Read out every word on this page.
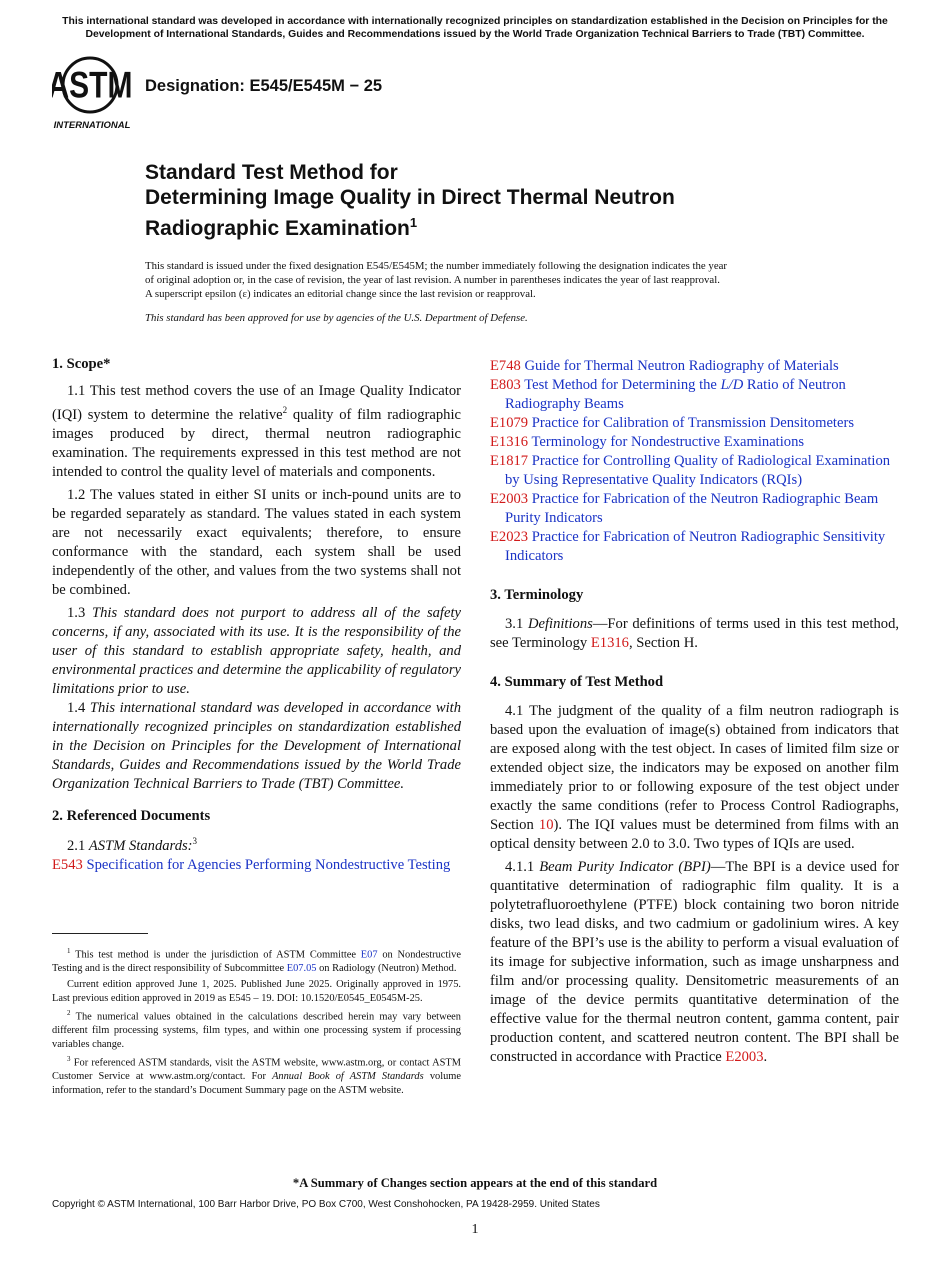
This international standard was developed in accordance with internationally recognized principles on standardization established in the Decision on Principles for the
Development of International Standards, Guides and Recommendations issued by the World Trade Organization Technical Barriers to Trade (TBT) Committee.
ASTM
INTERNATIONAL
Designation: E545/E545M − 25
Standard Test Method for
Determining Image Quality in Direct Thermal Neutron
Radiographic Examination$^1$
This standard is issued under the fixed designation E545/E545M; the number immediately following the designation indicates the year
of original adoption or, in the case of revision, the year of last revision. A number in parentheses indicates the year of last reapproval.
A superscript epsilon (ε) indicates an editorial change since the last revision or reapproval.
This standard has been approved for use by agencies of the U.S. Department of Defense.

1. Scope*

1.1 This test method covers the use of an Image Quality Indicator (IQI) system to determine the relative$^2$ quality of film radiographic images produced by direct, thermal neutron radiographic examination. The requirements expressed in this test method are not intended to control the quality level of materials and components.

1.2 The values stated in either SI units or inch-pound units are to be regarded separately as standard. The values stated in each system are not necessarily exact equivalents; therefore, to ensure conformance with the standard, each system shall be used independently of the other, and values from the two systems shall not be combined.

1.3 This standard does not purport to address all of the safety concerns, if any, associated with its use. It is the responsibility of the user of this standard to establish appropriate safety, health, and environmental practices and determine the applicability of regulatory limitations prior to use.

1.4 This international standard was developed in accordance with internationally recognized principles on standardization established in the Decision on Principles for the Development of International Standards, Guides and Recommendations issued by the World Trade Organization Technical Barriers to Trade (TBT) Committee.

2. Referenced Documents

2.1 ASTM Standards:$^3$

E543 Specification for Agencies Performing Nondestructive Testing

$^1$ This test method is under the jurisdiction of ASTM Committee E07 on Nondestructive Testing and is the direct responsibility of Subcommittee E07.05 on Radiology (Neutron) Method.

Current edition approved June 1, 2025. Published June 2025. Originally approved in 1975. Last previous edition approved in 2019 as E545 – 19. DOI: 10.1520/E0545_E0545M-25.

$^2$ The numerical values obtained in the calculations described herein may vary between different film processing systems, film types, and within one processing system if processing variables change.

$^3$ For referenced ASTM standards, visit the ASTM website, www.astm.org, or contact ASTM Customer Service at www.astm.org/contact. For Annual Book of ASTM Standards volume information, refer to the standard’s Document Summary page on the ASTM website.

E748 Guide for Thermal Neutron Radiography of Materials

E803 Test Method for Determining the L/D Ratio of Neutron Radiography Beams

E1079 Practice for Calibration of Transmission Densitometers

E1316 Terminology for Nondestructive Examinations

E1817 Practice for Controlling Quality of Radiological Examination by Using Representative Quality Indicators (RQIs)

E2003 Practice for Fabrication of the Neutron Radiographic Beam Purity Indicators

E2023 Practice for Fabrication of Neutron Radiographic Sensitivity Indicators

3. Terminology

3.1 Definitions—For definitions of terms used in this test method, see Terminology E1316, Section H.

4. Summary of Test Method

4.1 The judgment of the quality of a film neutron radiograph is based upon the evaluation of image(s) obtained from indicators that are exposed along with the test object. In cases of limited film size or extended object size, the indicators may be exposed on another film immediately prior to or following exposure of the test object under exactly the same conditions (refer to Process Control Radiographs, Section 10). The IQI values must be determined from films with an optical density between 2.0 to 3.0. Two types of IQIs are used.

4.1.1 Beam Purity Indicator (BPI)—The BPI is a device used for quantitative determination of radiographic film quality. It is a polytetrafluoroethylene (PTFE) block containing two boron nitride disks, two lead disks, and two cadmium or gadolinium wires. A key feature of the BPI’s use is the ability to perform a visual evaluation of its image for subjective information, such as image unsharpness and film and/or processing quality. Densitometric measurements of an image of the device permits quantitative determination of the effective value for the thermal neutron content, gamma content, pair production content, and scattered neutron content. The BPI shall be constructed in accordance with Practice E2003.

*A Summary of Changes section appears at the end of this standard
Copyright © ASTM International, 100 Barr Harbor Drive, PO Box C700, West Conshohocken, PA 19428-2959. United States
1
